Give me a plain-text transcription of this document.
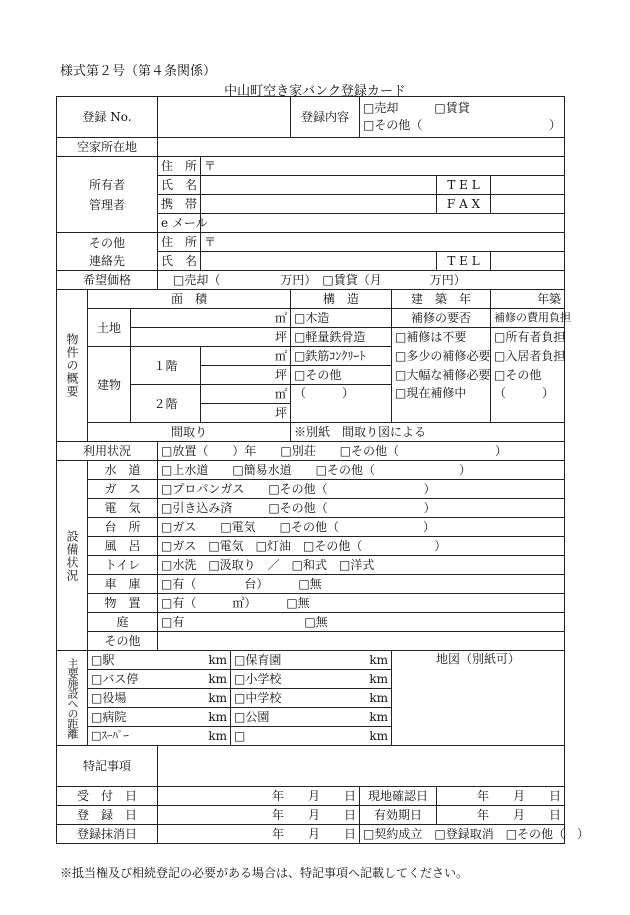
様式第２号（第４条関係）
中山町空き家バンク登録カード
登録 No.						登録内容	□売却　　　 □賃貸
□その他（ ）			

空家所在地										
所有者
管理者			住　所	〒						
			氏　名						T E L	
			携　帯						F A X	
			e メール							
その他
連絡先			住　所	〒						
			氏　名						T E L	
希望価格	　		□売却（　　　　　万円）　 □賃貸（月　　　　万円）							
物件の概要	面　積					構　造		建　築　年		年築
	土地	㎡				□木造		補修の要否		補修の費用負担
		坪				□軽量鉄骨造		□補修は不要		□所有者負担
	建物	１階		㎡		□鉄筋ｺﾝｸﾘｰﾄ		□多少の補修必要		□入居者負担
				坪		□その他		□大幅な補修必要		□その他
		２階		㎡		（　　　）		□現在補修中		（　　　）
				坪						
	間取り					※別紙　間取り図による				
利用状況			□放置（　　）年　　 □別荘　　 □その他（　　　　　　　　）							
設備状況	水　道		□上水道　　□簡易水道　　□その他（　　　　　　　）							
	ガ　ス		□プロパンガス　　□その他（　　　　　　　　）							
	電　気		□引き込み済　　　□その他（　　　　　　　　）							
	台　所		□ガス　　□電気　　□その他（　　　　　　　）							
	風　呂		□ガス　□電気　□灯油　□その他（　　　　　　）							
	トイレ		□水洗　□汲取り　／　□和式　□洋式							
	車　庫		□有（　　　　台）　　　□無							
	物　置		□有（　　　㎡）　　　□無							
	庭		□有　　　　　　　　　　□無							
	その他									
主要施設への距離	□駅		km		□保育園		km	地図（別紙可）		
	□バス停		km		□小学校		km			
	□役場		km		□中学校		km			
	□病院		km		□公園		km			
	□ｽｰﾊﾟｰ		km		□		km			
特記事項										
受　付　日			年　　月　　日				現地確認日		年　　月　　日	
登　録　日			年　　月　　日				有効期日		年　　月　　日	
登録抹消日			年　　月　　日				□契約成立　□登録取消　□その他（　）			
※抵当権及び相続登記の必要がある場合は、特記事項へ記載してください。
